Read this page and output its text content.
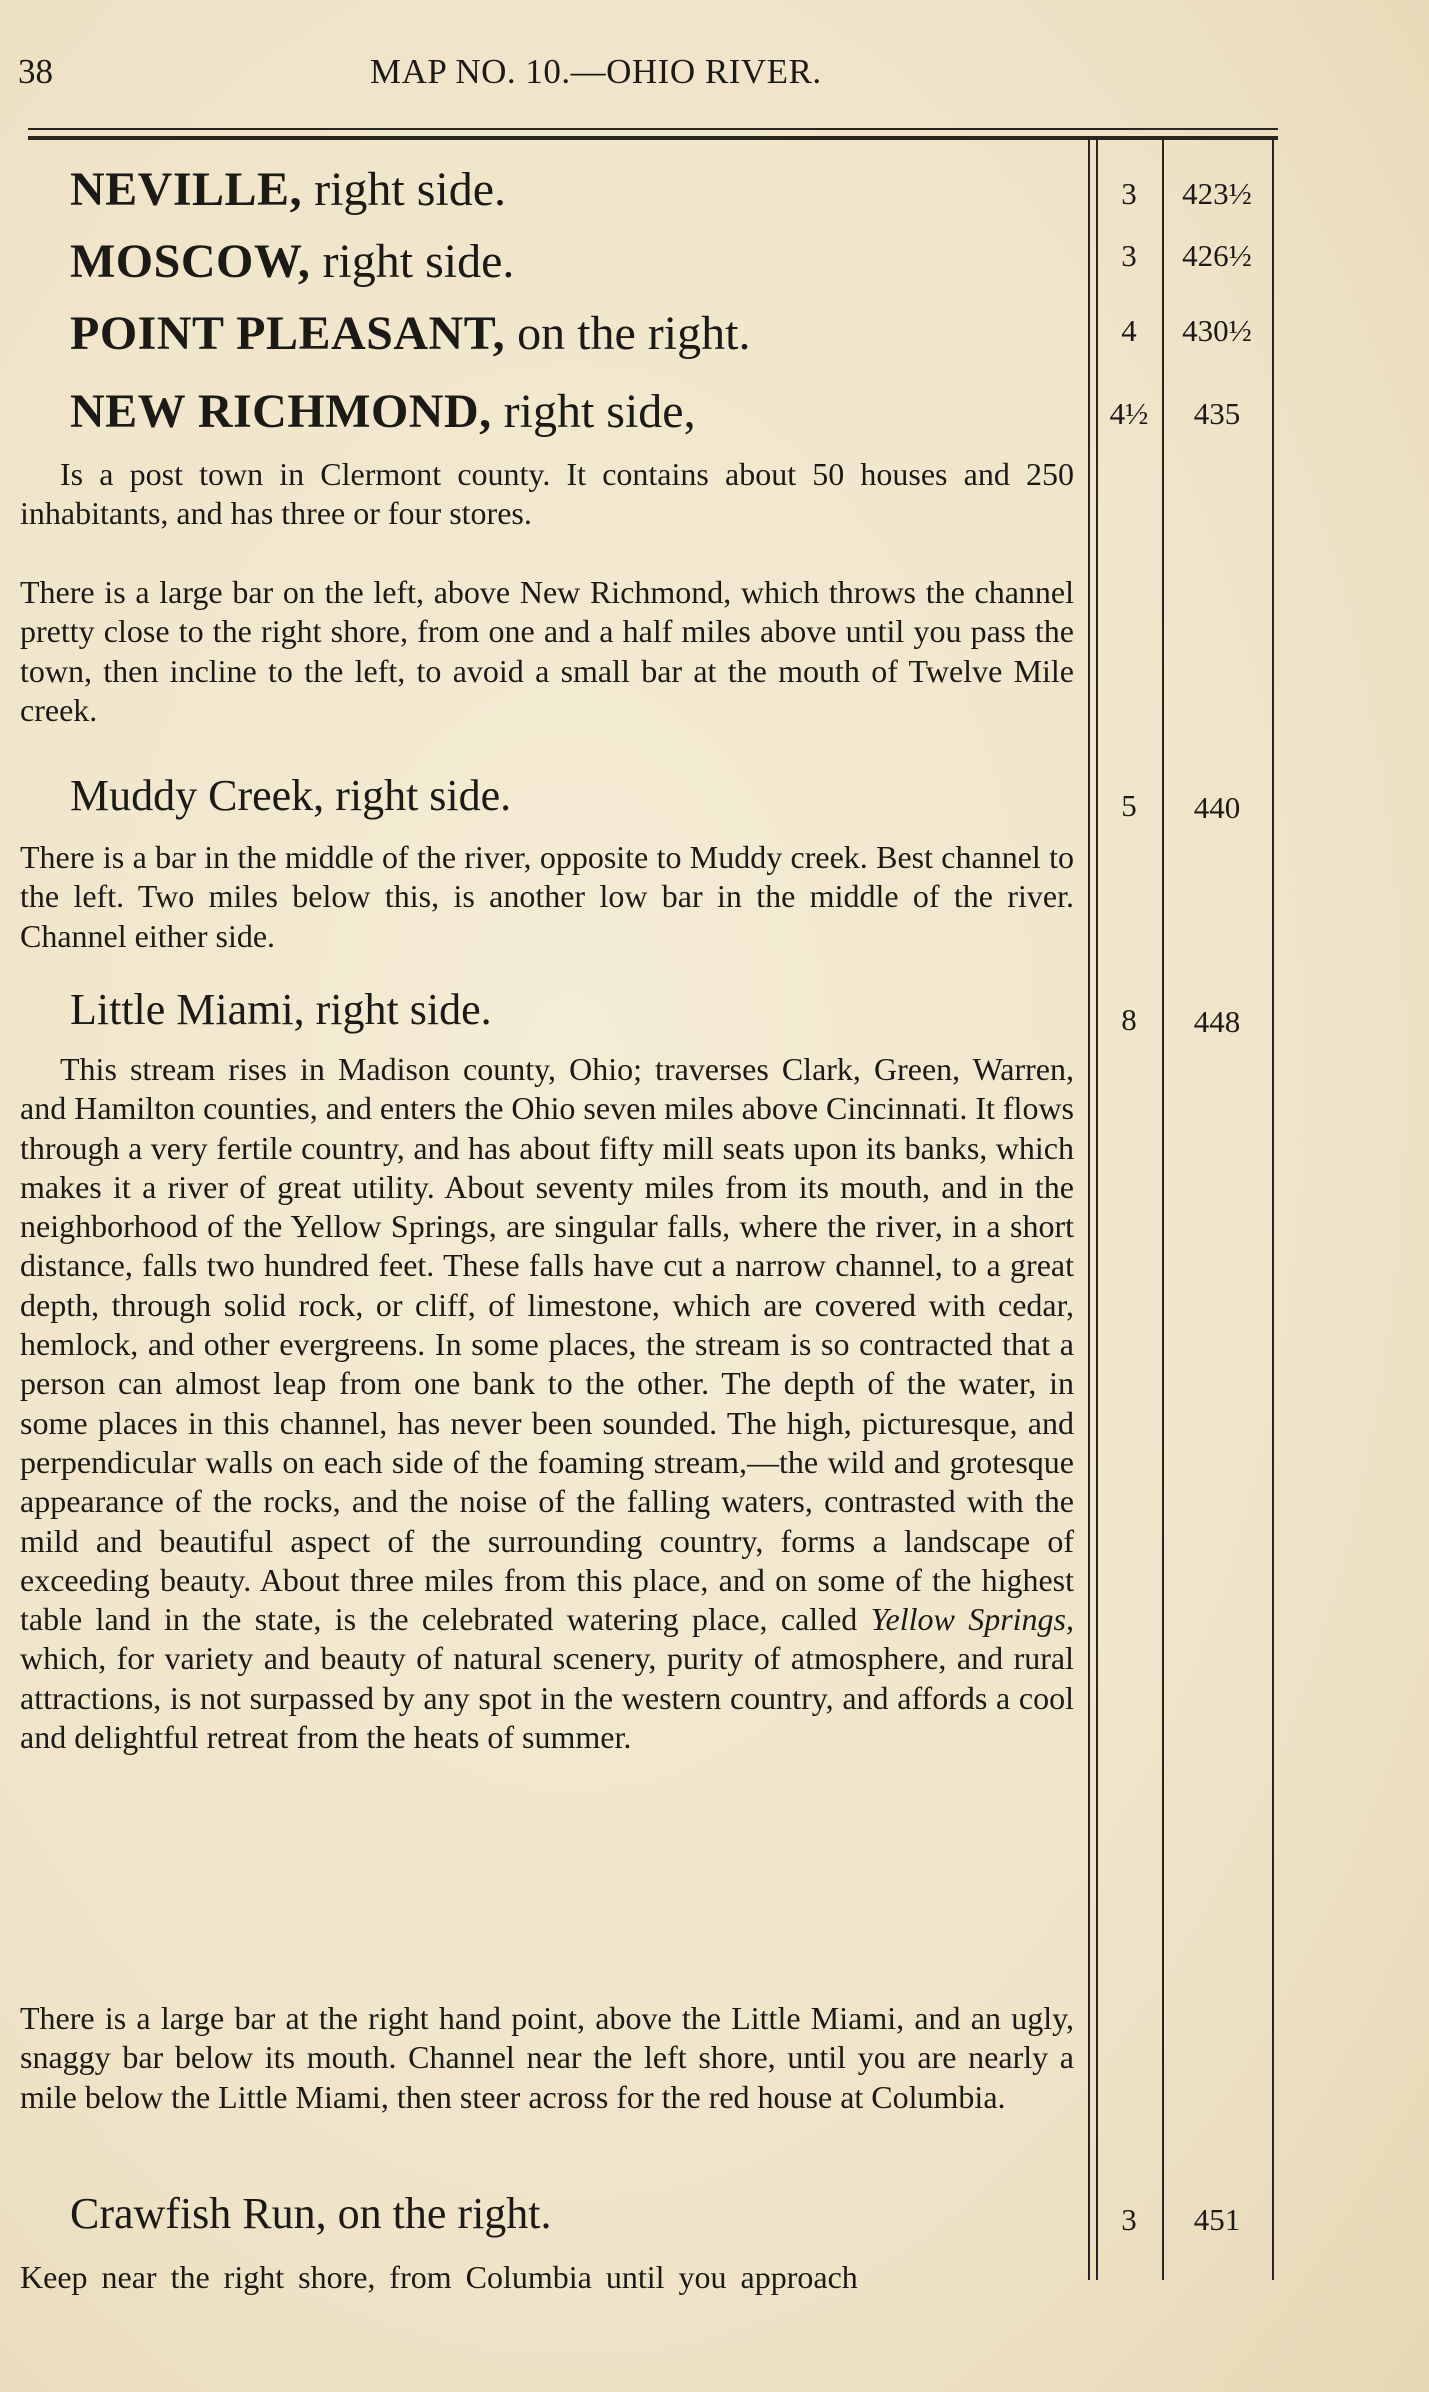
38	MAP NO. 10.—OHIO RIVER.
NEVILLE, right side.	3	423½
MOSCOW, right side.	3	426½
POINT PLEASANT, on the right.	4	430½
NEW RICHMOND, right side,	4½	435

Is a post town in Clermont county. It contains about 50 houses and 250 inhabitants, and has three or four stores.

There is a large bar on the left, above New Richmond, which throws the channel pretty close to the right shore, from one and a half miles above until you pass the town, then incline to the left, to avoid a small bar at the mouth of Twelve Mile creek.

Muddy Creek, right side.	5	440

There is a bar in the middle of the river, opposite to Muddy creek. Best channel to the left. Two miles below this, is another low bar in the middle of the river. Channel either side.

Little Miami, right side.	8	448

This stream rises in Madison county, Ohio; traverses Clark, Green, Warren, and Hamilton counties, and enters the Ohio seven miles above Cincinnati. It flows through a very fertile country, and has about fifty mill seats upon its banks, which makes it a river of great utility. About seventy miles from its mouth, and in the neighborhood of the Yellow Springs, are singular falls, where the river, in a short distance, falls two hundred feet. These falls have cut a narrow channel, to a great depth, through solid rock, or cliff, of limestone, which are covered with cedar, hemlock, and other evergreens. In some places, the stream is so contracted that a person can almost leap from one bank to the other. The depth of the water, in some places in this channel, has never been sounded. The high, picturesque, and perpendicular walls on each side of the foaming stream,—the wild and grotesque appearance of the rocks, and the noise of the falling waters, contrasted with the mild and beautiful aspect of the surrounding country, forms a landscape of exceeding beauty. About three miles from this place, and on some of the highest table land in the state, is the celebrated watering place, called Yellow Springs, which, for variety and beauty of natural scenery, purity of atmosphere, and rural attractions, is not surpassed by any spot in the western country, and affords a cool and delightful retreat from the heats of summer.

There is a large bar at the right hand point, above the Little Miami, and an ugly, snaggy bar below its mouth. Channel near the left shore, until you are nearly a mile below the Little Miami, then steer across for the red house at Columbia.

Crawfish Run, on the right.	3	451

Keep near the right shore, from Columbia until you approach
